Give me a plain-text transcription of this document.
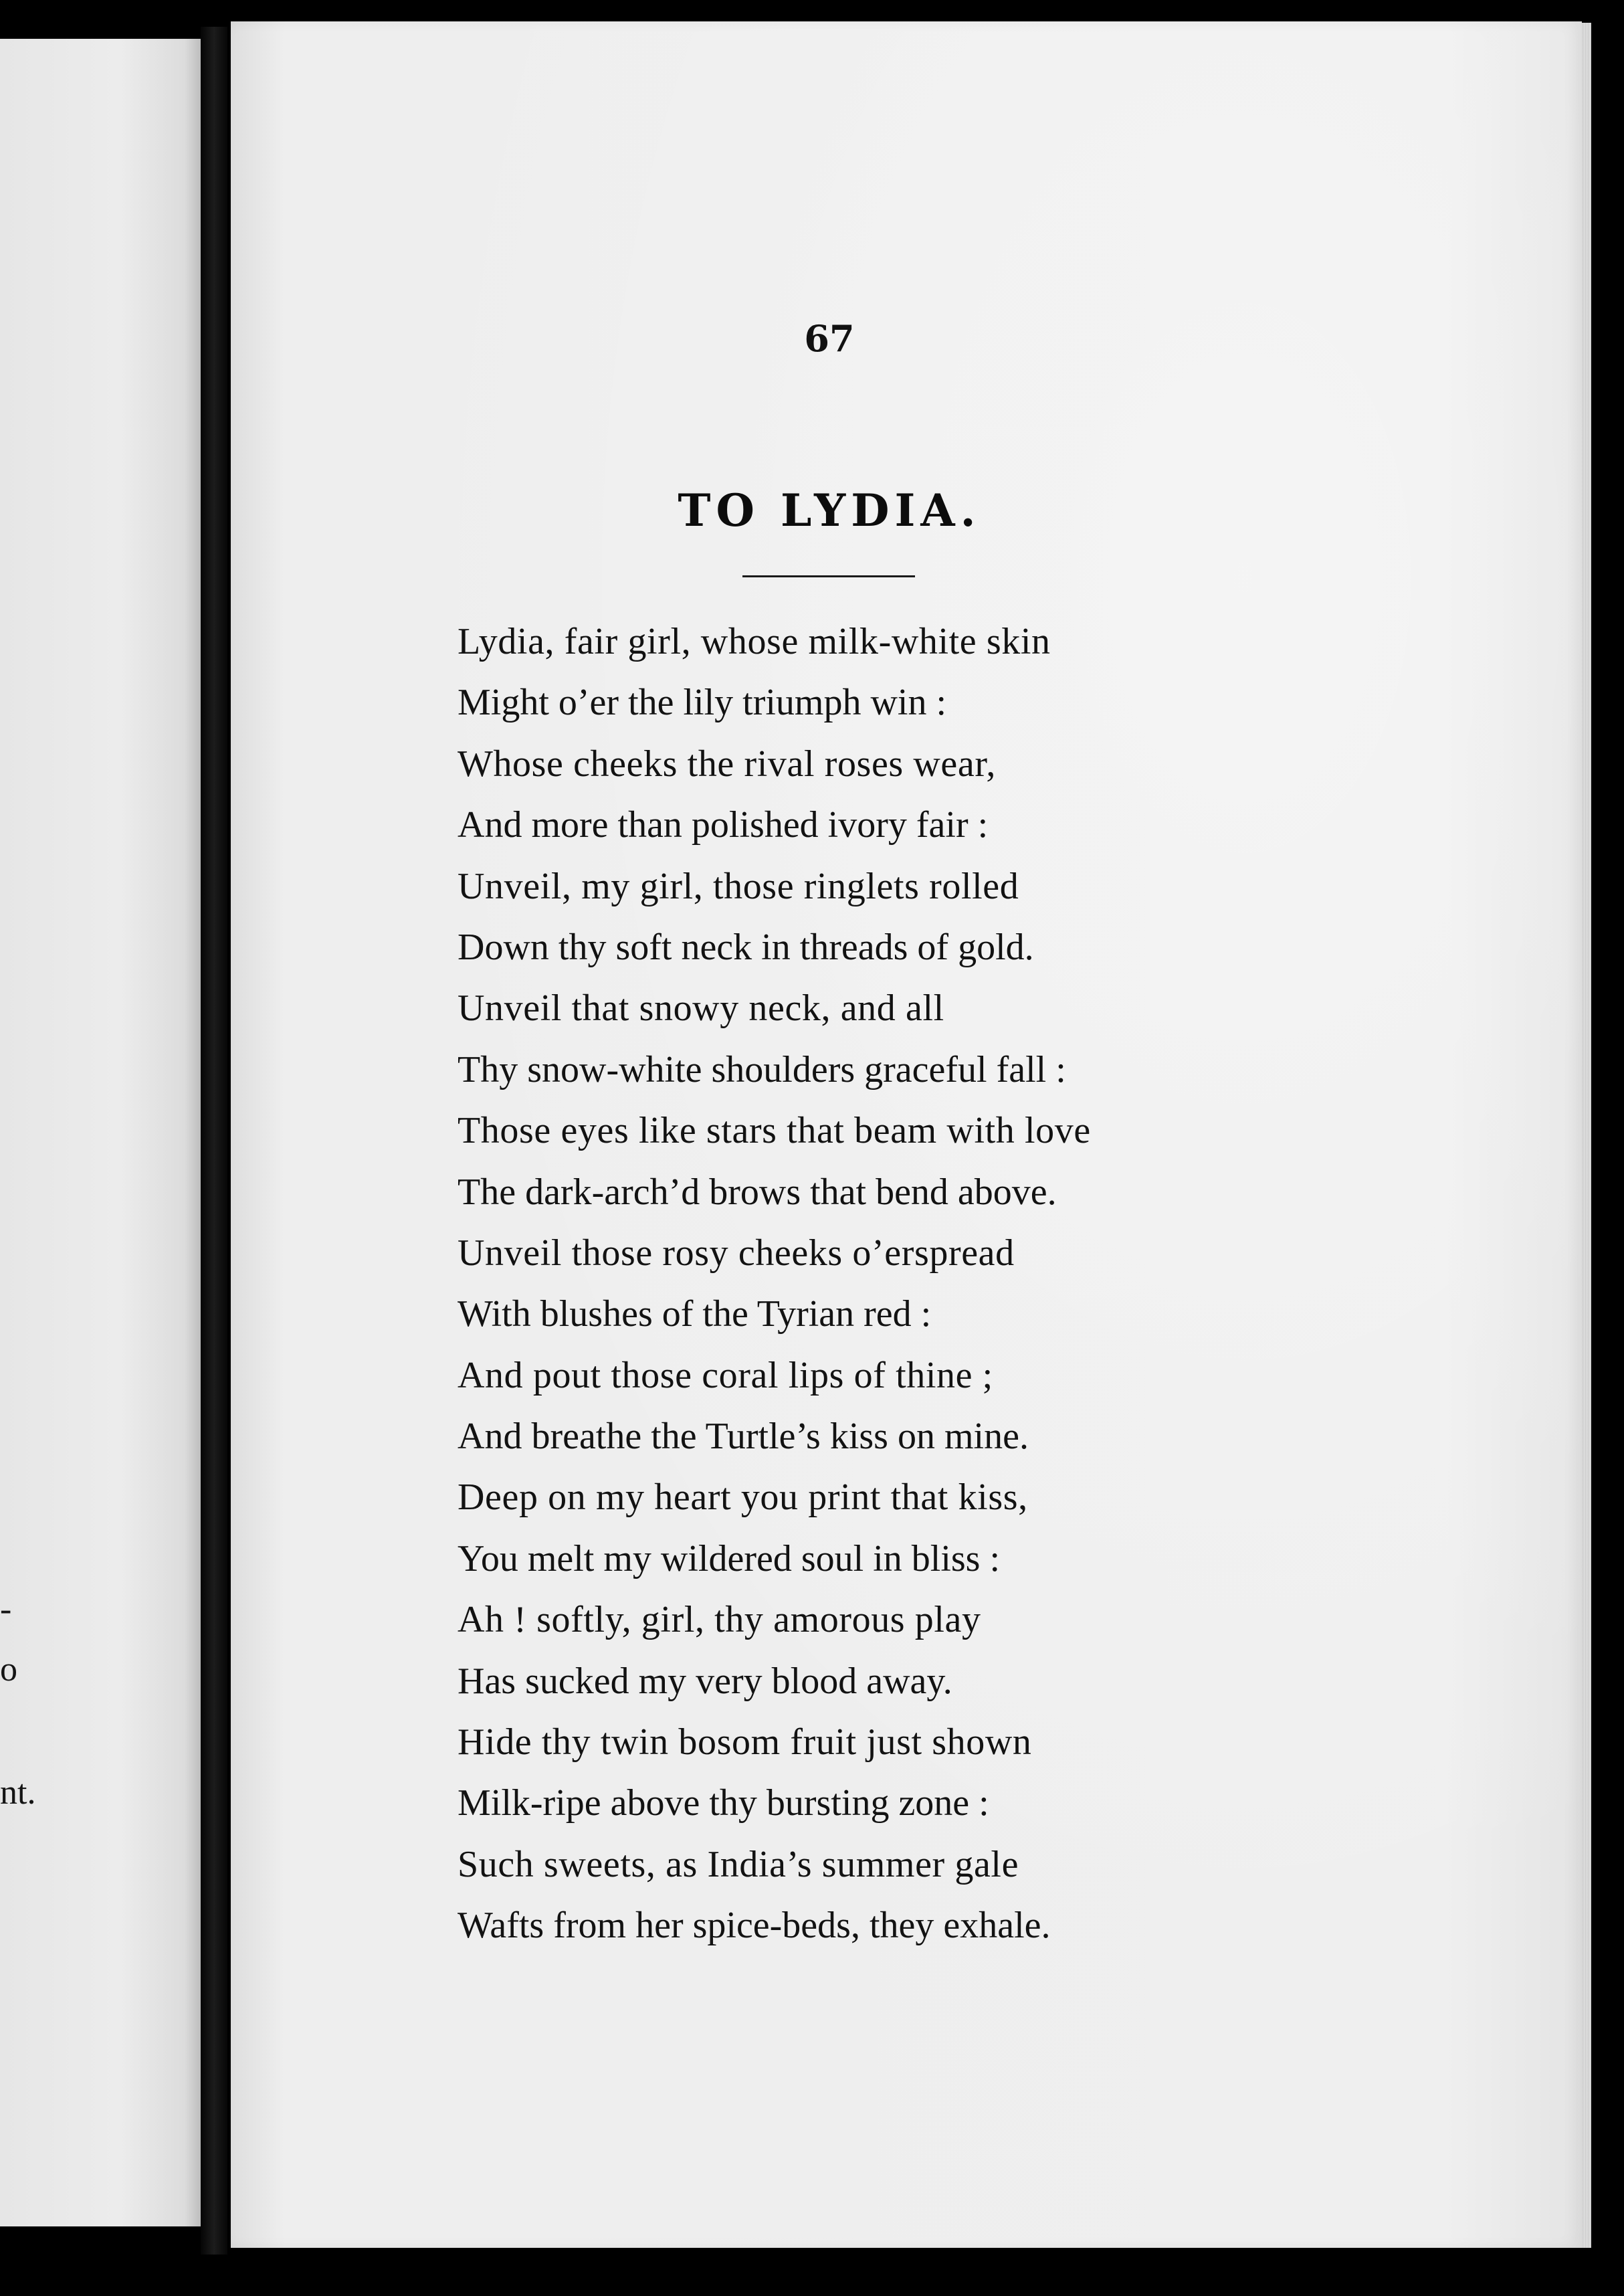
-
o
nt.
67
TO LYDIA.
Lydia, fair girl, whose milk-white skin
Might o’er the lily triumph win :
Whose cheeks the rival roses wear,
And more than polished ivory fair :
Unveil, my girl, those ringlets rolled
Down thy soft neck in threads of gold.
Unveil that snowy neck, and all
Thy snow-white shoulders graceful fall :
Those eyes like stars that beam with love
The dark-arch’d brows that bend above.
Unveil those rosy cheeks o’erspread
With blushes of the Tyrian red :
And pout those coral lips of thine ;
And breathe the Turtle’s kiss on mine.
Deep on my heart you print that kiss,
You melt my wildered soul in bliss :
Ah ! softly, girl, thy amorous play
Has sucked my very blood away.
Hide thy twin bosom fruit just shown
Milk-ripe above thy bursting zone :
Such sweets, as India’s summer gale
Wafts from her spice-beds, they exhale.
